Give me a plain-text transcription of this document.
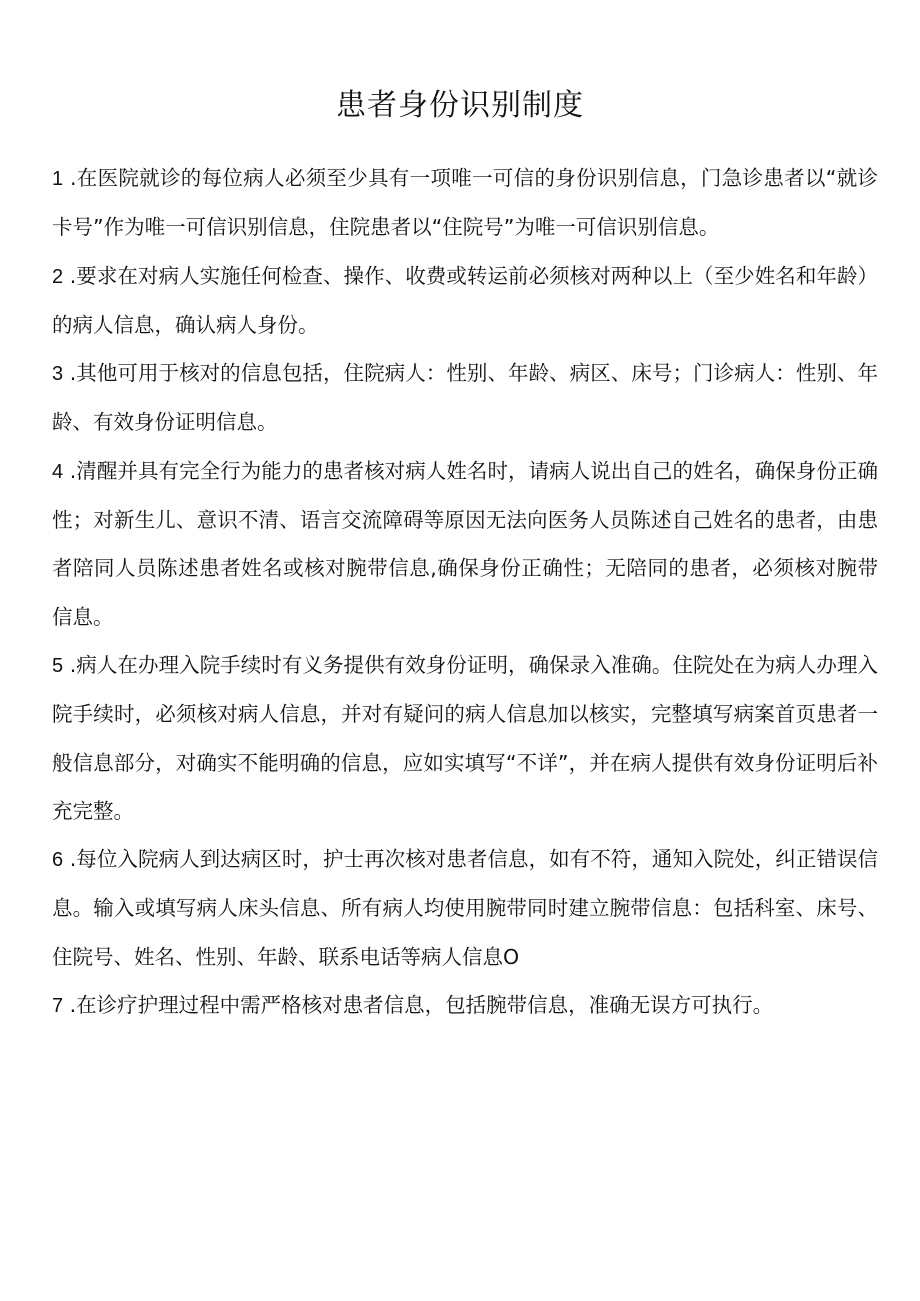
患者身份识别制度
1 .在医院就诊的每位病人必须至少具有一项唯一可信的身份识别信息，门急诊患者以“就诊卡号”作为唯一可信识别信息，住院患者以“住院号”为唯一可信识别信息。
2 .要求在对病人实施任何检查、操作、收费或转运前必须核对两种以上（至少姓名和年龄）的病人信息，确认病人身份。
3 .其他可用于核对的信息包括，住院病人：性别、年龄、病区、床号；门诊病人：性别、年龄、有效身份证明信息。
4 .清醒并具有完全行为能力的患者核对病人姓名时，请病人说出自己的姓名，确保身份正确性；对新生儿、意识不清、语言交流障碍等原因无法向医务人员陈述自己姓名的患者，由患者陪同人员陈述患者姓名或核对腕带信息,确保身份正确性；无陪同的患者，必须核对腕带信息。
5 .病人在办理入院手续时有义务提供有效身份证明，确保录入准确。住院处在为病人办理入院手续时，必须核对病人信息，并对有疑问的病人信息加以核实，完整填写病案首页患者一般信息部分，对确实不能明确的信息，应如实填写“不详”，并在病人提供有效身份证明后补充完整。
6 .每位入院病人到达病区时，护士再次核对患者信息，如有不符，通知入院处，纠正错误信息。输入或填写病人床头信息、所有病人均使用腕带同时建立腕带信息：包括科室、床号、住院号、姓名、性别、年龄、联系电话等病人信息O
7 .在诊疗护理过程中需严格核对患者信息，包括腕带信息，准确无误方可执行。
